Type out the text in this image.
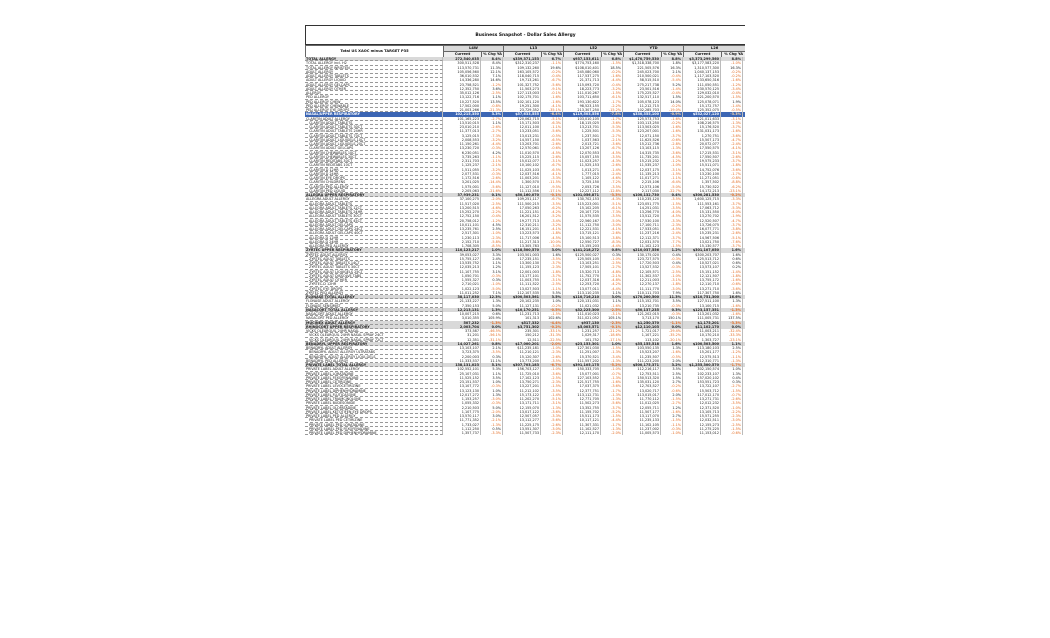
Business Snapshot - Dollar Sales Allergy
Total US XAOC minus TARGET P35	L4W		L13		L52		YTD		L26	
	Current	% Chg YA	Current	% Chg YA	Current	% Chg YA	Current	% Chg YA	Current	% Chg YA
TOTAL ALLERGY	272,540,035	8.4%	$339,371,153	6.7%	$937,153,611	6.8%	$1,470,759,530	8.8%	$3,373,299,560	8.8%
TOTAL ALLERGY incl. H2	300,511,528	8.4%	$312,310,237	-1.1%	$774,753,160	-1.5%	$1,318,338,700	1.8%	$3,177,583,220	-1.0%
TOTAL ALLERGY WRISTEN	113,570,731	11.3%	109,132,260	19.6%	$108,010,401	18.5%	221,505,576	16.3%	1,310,577,300	16.3%
ADULT ALLERGY	105,056,560	12.1%	163,105,572	-0.2%	245,080,060	-0.2%	245,023,700	2.1%	1,040,137,153	-0.2%
ADULT ALLERGY TABLETS	36,010,532	7.1%	118,040,715	-0.4%	117,537,275	-1.6%	210,500,021	-0.4%	1,117,103,520	-0.2%
ADULT ALLERGY LIQUID	14,336,280	14.6%	19,713,261	-6.7%	21,371,713	-4.4%	58,515,510	-5.4%	133,650,316	-1.6%
ADULT ALLERGY GELCAPS	23,758,521	-1.2%	101,327,752	-5.6%	115,093,720	-0.4%	275,217,738	5.2%	111,050,551	-1.2%
ADULT ALLERGY OTHER	12,352,750	3.6%	11,503,273	-9.1%	18,223,773	-3.2%	23,501,516	-1.4%	230,570,125	-3.4%
ALLERGY	35,012,126	-2.5%	127,113,003	-0.1%	111,010,267	-1.5%	175,225,527	-0.4%	129,032,010	-0.4%
PED ALLERGY	13,122,716	1.1%	102,175,701	-1.6%	103,711,650	-6.1%	132,517,110	1.5%	221,200,570	-1.5%
PED ALLERGY CHEW	10,227,520	13.5%	102,101,120	-1.6%	193,130,622	-1.7%	105,078,123	14.0%	125,078,071	1.9%
PED ALLERGY CHEWABLE	17,502,000	-0.8%	19,251,300	-4.1%	98,523,155	-2.2%	11,212,715	-0.2%	15,172,757	-1.4%
PED ALLERGY EYE DROPS	21,003,266	-21.3%	23,729,352	-35.1%	213,307,250	-15.2%	102,285,703	-19.0%	125,352,075	-0.5%
NASAL/UPPER RESPIRATORY	102,215,350	3.3%	$57,633,555	-6.4%	$119,503,556	-7.8%	$330,355,100	-0.9%	$532,027,120	-3.3%
CLARITIN ADULT ALLERGY	101,165,223	-2.7%	120,062,715	-5.1%	103,010,105	-1.7%	125,573,753	-1.6%	121,011,633	-3.1%
CLARITIN ADULT TABLETS	13,510,015	1.1%	15,171,503	-6.3%	18,115,025	-3.6%	103,113,250	-0.2%	108,216,575	-1.3%
CLARITIN ADULT TABLETS 30CT	23,010,210	-2.6%	12,011,100	-1.1%	13,213,701	-5.3%	113,503,025	-1.6%	15,176,520	-3.7%
CLARITIN ADULT TABLETS 24HR	11,377,013	-2.7%	13,233,051	-5.6%	1,225,501	-5.3%	123,207,001	-1.6%	131,031,173	-1.6%
CLARITIN ADULT TABLETS 70CT	3,125,015	-7.3%	13,013,231	-0.5%	1,237,501	-2.7%	12,071,150	-3.7%	1,270,751	-3.6%
CLARITIN ADULT LIQUIGELS 10CT	2,008,553	-3.2%	14,557,150	-6.5%	1,037,563	-2.1%	11,625,526	-0.6%	15,507,173	-4.7%
CLARITIN ADULT LIQUIGELS 20CT	11,150,261	-4.4%	13,203,701	-2.6%	2,013,721	-3.6%	15,212,736	-2.8%	20,072,077	-2.4%
CLARITIN ADULT GELCAPS	13,230,720	-0.3%	12,570,061	-0.6%	13,207,126	-6.7%	13,103,115	-1.3%	17,550,575	-4.1%
CLARITIN CHEWABLES 10CT	6,230,051	4.2%	11,010,570	-4.5%	12,070,553	-4.5%	14,315,735	-3.6%	17,215,531	-3.1%
CLARITIN CHEWABLES 30CT	3,735,263	-1.1%	15,225,115	-2.6%	15,057,155	-3.5%	11,735,201	-4.5%	17,550,507	-2.6%
CLARITIN REDITABS 30CT	2,311,703	-1.1%	15,012,077	-3.1%	11,023,257	-4.3%	15,215,232	-1.2%	19,575,233	-3.7%
CLARITIN REDITABS 10CT	1,125,237	-2.1%	10,100,102	-6.7%	11,525,153	-2.6%	11,535,237	-1.0%	15,511,071	-1.8%
CLARITIN D 12HR	1,511,055	-3.2%	11,025,103	-6.5%	1,013,271	-1.4%	12,037,175	-3.1%	14,752,076	-3.6%
CLARITIN D 24HR	2,077,531	-0.3%	12,037,516	-4.1%	1,777,015	-2.4%	11,135,213	-1.5%	13,230,100	-1.7%
CLARITIN EYE DROPS	1,172,516	-2.6%	11,003,201	-3.3%	1,105,122	-4.6%	11,017,271	-1.1%	11,271,051	-0.8%
CLARITIN CHILDRENS	3,201,025	-14.4%	1,300,570	-11.5%	3,725,150	-7.2%	2,215,106	-6.4%	1,357,502	-8.8%
CLARITIN PED ALLERGY	1,575,001	-5.6%	11,127,010	-9.5%	2,053,726	-3.5%	12,573,106	-5.0%	15,730,522	-6.2%
CLARITIN PED LIQUID	2,205,063	-21.6%	11,112,556	-17.1%	12,227,112	-12.8%	2,117,030	-22.7%	14,172,213	-23.1%
ALLEGRA UPPER RESPIRATORY	37,939,231	0.1%	$50,160,070	-0.1%	$101,056,871	-3.3%	$100,132,730	0.4%	$300,281,530	-0.2%
ALLEGRA ADULT ALLERGY	37,100,275	-2.0%	109,251,117	-6.7%	130,702,153	-4.3%	110,235,120	-3.5%	1,600,125,715	-3.3%
ALLEGRA ADULT TABLETS	11,517,020	-2.5%	111,500,215	-3.5%	115,223,001	-5.1%	123,051,775	-1.5%	111,553,161	-3.7%
ALLEGRA ADULT TABLETS 12CT	13,200,515	-4.6%	17,050,263	-6.2%	15,102,205	-6.1%	14,251,031	-3.5%	17,063,712	-5.3%
ALLEGRA ADULT TABLETS 24HR	15,252,270	-2.2%	11,221,151	-4.2%	20,107,725	-7.3%	13,256,770	-4.0%	15,131,550	-4.0%
ALLEGRA ADULT TABLETS 30CT	12,752,150	-0.4%	16,201,512	-5.2%	11,575,535	-3.5%	13,512,720	-4.5%	13,270,702	-1.9%
ALLEGRA ADULT TABLETS 45CT	20,758,012	-1.2%	19,277,713	-3.4%	22,560,167	-5.0%	17,530,100	-3.3%	12,520,507	-4.7%
ALLEGRA ADULT GELCAPS	10,011,101	4.5%	12,310,211	-3.2%	11,112,750	-3.0%	17,100,711	-2.3%	13,726,075	-3.7%
ALLEGRA ADULT GELCAPS 24CT	13,235,761	2.5%	16,151,201	-4.1%	12,221,531	-4.1%	17,533,051	-4.5%	16,077,771	-3.8%
ALLEGRA ADULT GELCAPS 40CT	2,517,301	-1.0%	13,223,573	-1.8%	13,715,121	-2.6%	11,237,216	-2.4%	15,235,231	-2.6%
ALLEGRA D 12HR	1,230,113	-2.3%	11,717,006	-4.5%	15,100,513	-3.8%	12,112,371	-3.7%	14,567,506	-5.1%
ALLEGRA D 24HR	2,152,710	-5.8%	11,217,313	-10.0%	12,550,727	-8.3%	12,031,570	-7.7%	13,021,750	-7.6%
ALLEGRA PED ALLERGY	1,708,305	-8.5%	13,305,783	-3.0%	15,155,203	-4.4%	11,102,123	-1.5%	15,130,577	-3.7%
ZYRTEC UPPER RESPIRATORY	110,123,217	1.0%	$118,500,570	3.0%	$141,218,272	0.8%	$210,037,556	1.2%	$301,107,050	1.6%
ZYRTEC ADULT ALLERGY	39,053,027	3.3%	103,501,003	1.6%	$125,500,027	0.3%	130,175,020	0.4%	$300,203,707	1.6%
ZYRTEC ADULT TABLETS	15,755,127	2.4%	17,235,151	-3.5%	125,505,105	-1.0%	123,727,575	-0.3%	125,513,712	0.6%
ZYRTEC ADULT TABLETS 14CT	13,535,752	1.1%	13,300,130	-3.7%	13,103,251	-2.5%	17,720,503	0.4%	10,527,021	0.6%
ZYRTEC ADULT TABLETS 30CT	12,035,213	1.2%	11,155,123	-2.3%	17,505,101	-2.7%	13,527,532	-0.3%	13,573,107	0.2%
ZYRTEC ADULT LIQUIGELS 25CT	11,107,755	3.1%	12,001,003	-1.8%	15,320,713	-4.8%	12,105,571	-2.5%	15,151,152	-1.4%
ZYRTEC ADULT DISSOLVE TABS	1,050,701	-0.3%	13,177,101	-3.7%	11,752,770	-2.1%	11,302,537	-1.0%	12,121,507	-1.8%
ZYRTEC ADULT OTHER	1,555,327	0.3%	11,003,755	-3.1%	12,037,316	-4.8%	12,211,003	-3.1%	13,755,172	-1.6%
ZYRTEC-D 12HR	2,710,021	-1.0%	11,111,522	-2.5%	12,253,720	-4.2%	12,270,137	-1.8%	12,110,710	-0.6%
ZYRTEC EYE DROPS	1,022,123	-5.0%	13,027,503	-1.1%	13,077,011	-4.4%	11,111,770	-3.0%	13,271,710	-3.6%
ZYRTEC PED ALLERGY	11,011,252	7.1%	112,107,535	5.5%	113,110,235	1.1%	110,111,703	7.9%	117,307,750	1.6%
FLONASE TOTAL ALLERGY	38,117,030	12.3%	$300,503,561	3.5%	$110,716,210	3.0%	$170,200,500	11.3%	$310,751,300	16.6%
FLONASE ADULT ALLERGY	21,133,227	1.3%	20,102,235	1.0%	120,131,031	1.1%	115,152,701	3.5%	127,511,100	1.3%
FLONASE SENSIMIST	7,350,153	5.0%	11,127,131	-0.2%	11,021,032	-1.6%	13,210,735	-0.3%	13,100,715	-1.6%
NASACORT TOTAL ALLERGY	12,213,131	1.3%	$10,170,251	-0.5%	$32,225,300	-2.5%	$50,137,235	0.3%	$123,157,351	-1.3%
NASACORT ADULT ALLERGY	10,007,215	0.6%	11,231,713	-1.5%	111,010,023	-3.1%	121,202,015	-0.3%	113,201,032	-1.6%
NASACORT PED ALLERGY	3,010,355	105.9%	101,313	102.6%	311,021,052	105.1%	3,713,170	150.1%	111,005,731	137.5%
MUCINEX ADULT ALLERGY	507,232	-1.3%	$517,332	-4.4%	$937,130	-2.3%	$1,250,370	-1.1%	$1,175,201	-3.3%
RHINOCORT UPPER RESPIRATORY	2,003,704	0.0%	$3,751,302	-0.2%	$5,003,571	-0.1%	$12,110,103	0.0%	$11,102,170	0.0%
VICKS QLEARQUIL 24HR NASAL	373,587	-46.5%	235,301	-33.1%	1,231,257	-21.2%	1,721,017	-29.4%	11,003,211	-32.4%
VICKS QLEARQUIL 24HR NASAL SPRAY 24CT	31,201	-56.1%	150,212	-31.3%	1,029,317	-18.6%	1,107,221	-35.2%	10,170,210	-33.3%
VICKS QLEARQUIL 24HR NASAL SPRAY 72CT	12,351	-31.1%	12,511	-22.5%	101,752	-17.1%	113,102	-20.1%	1,303,727	-23.1%
BENADRYL UPPER RESPIRATORY	14,027,261	0.8%	$17,000,201	-2.0%	$23,153,301	1.0%	$35,155,518	1.6%	$100,503,500	1.1%
BENADRYL ADULT ALLERGY	13,103,107	2.1%	$11,235,181	-1.0%	127,301,030	-1.5%	103,550,135	1.3%	113,180,103	2.5%
BENADRYL ADULT ALLERGY ULTRATABS	3,723,375	-3.5%	11,210,121	-2.3%	11,251,007	-1.3%	15,523,207	-1.6%	15,201,177	-1.2%
BENADRYL ADULT ALLERGY LIQUI-GELS	2,200,003	0.3%	15,120,307	-2.6%	15,370,521	-3.4%	11,235,507	-0.5%	12,575,513	-1.1%
BENADRYL PED ALLERGY	11,333,537	11.1%	13,773,200	-3.5%	111,557,202	-1.3%	111,223,200	2.0%	112,310,771	-1.3%
PRIVATE LABEL TOTAL ALLERGY	138,131,023	5.1%	$307,703,183	-6.7%	$391,105,175	-5.2%	$500,175,371	3.2%	$1,255,300,570	-1.7%
PRIVATE LABEL ADULT ALLERGY	102,552,101	5.3%	156,703,127	-1.0%	150,333,705	-1.0%	112,216,117	3.5%	302,150,574	1.0%
PRIVATE LABEL LORATADINE	25,107,031	1.1%	11,725,010	-3.6%	15,077,001	-0.7%	12,753,511	2.5%	102,233,107	1.3%
PRIVATE LABEL FEXOFENADINE	11,525,152	3.5%	17,102,123	-2.5%	127,103,552	-1.3%	150,513,320	1.5%	157,020,102	0.4%
PRIVATE LABEL CETIRIZINE	23,151,537	1.0%	13,750,271	-2.3%	121,517,755	-1.6%	135,031,120	2.7%	153,551,723	0.3%
PRIVATE LABEL LEVOCETIRIZINE	13,107,772	-0.3%	13,227,201	-1.5%	17,037,375	-3.6%	12,703,527	-0.2%	13,722,107	-2.7%
PRIVATE LABEL DIPHENHYDRAMINE	13,123,130	1.0%	11,212,102	-3.5%	12,377,751	-1.7%	13,020,717	-0.6%	15,503,712	-1.5%
PRIVATE LABEL FLUTICASONE	12,017,272	1.3%	15,173,122	-1.4%	113,112,731	-1.3%	113,015,017	2.0%	117,012,170	-0.7%
PRIVATE LABEL TRIAMCINOLONE	1,153,257	-3.0%	11,202,270	-5.1%	12,771,705	-1.3%	11,770,112	-1.5%	13,271,731	-2.6%
PRIVATE LABEL BUDESONIDE	1,055,332	-0.3%	13,171,711	-3.1%	11,502,273	-5.6%	11,012,025	-2.7%	12,012,232	-3.5%
PRIVATE LABEL OLOPATADINE	2,210,503	5.0%	12,155,070	-1.3%	13,352,755	-3.7%	12,055,711	1.2%	12,371,520	-1.0%
PRIVATE LABEL KETOTIFEN EYE DROPS	1,107,775	-2.0%	13,017,122	-3.6%	11,155,702	-5.2%	11,507,177	-1.6%	13,105,713	-2.2%
PRIVATE LABEL PED ALLERGY	13,570,117	3.0%	12,507,057	-3.3%	15,511,173	-1.5%	13,117,070	2.7%	15,571,255	-2.3%
PRIVATE LABEL PED CETIRIZINE	11,771,352	-2.1%	13,112,277	-5.6%	10,117,121	-4.4%	11,235,133	-1.5%	12,032,511	-3.0%
PRIVATE LABEL PED LORATADINE	1,733,027	-1.3%	11,225,175	-2.6%	11,307,331	-1.7%	11,102,105	-1.1%	12,155,273	-2.5%
PRIVATE LABEL PED FEXOFENADINE	1,112,250	0.5%	13,551,307	-3.0%	11,102,527	-1.3%	11,237,002	-0.3%	11,275,225	-1.5%
PRIVATE LABEL PED DIPHENHYDRAMINE	1,357,737	-3.3%	11,507,733	-2.3%	12,111,170	-2.0%	11,005,573	-1.0%	11,153,012	-0.6%
